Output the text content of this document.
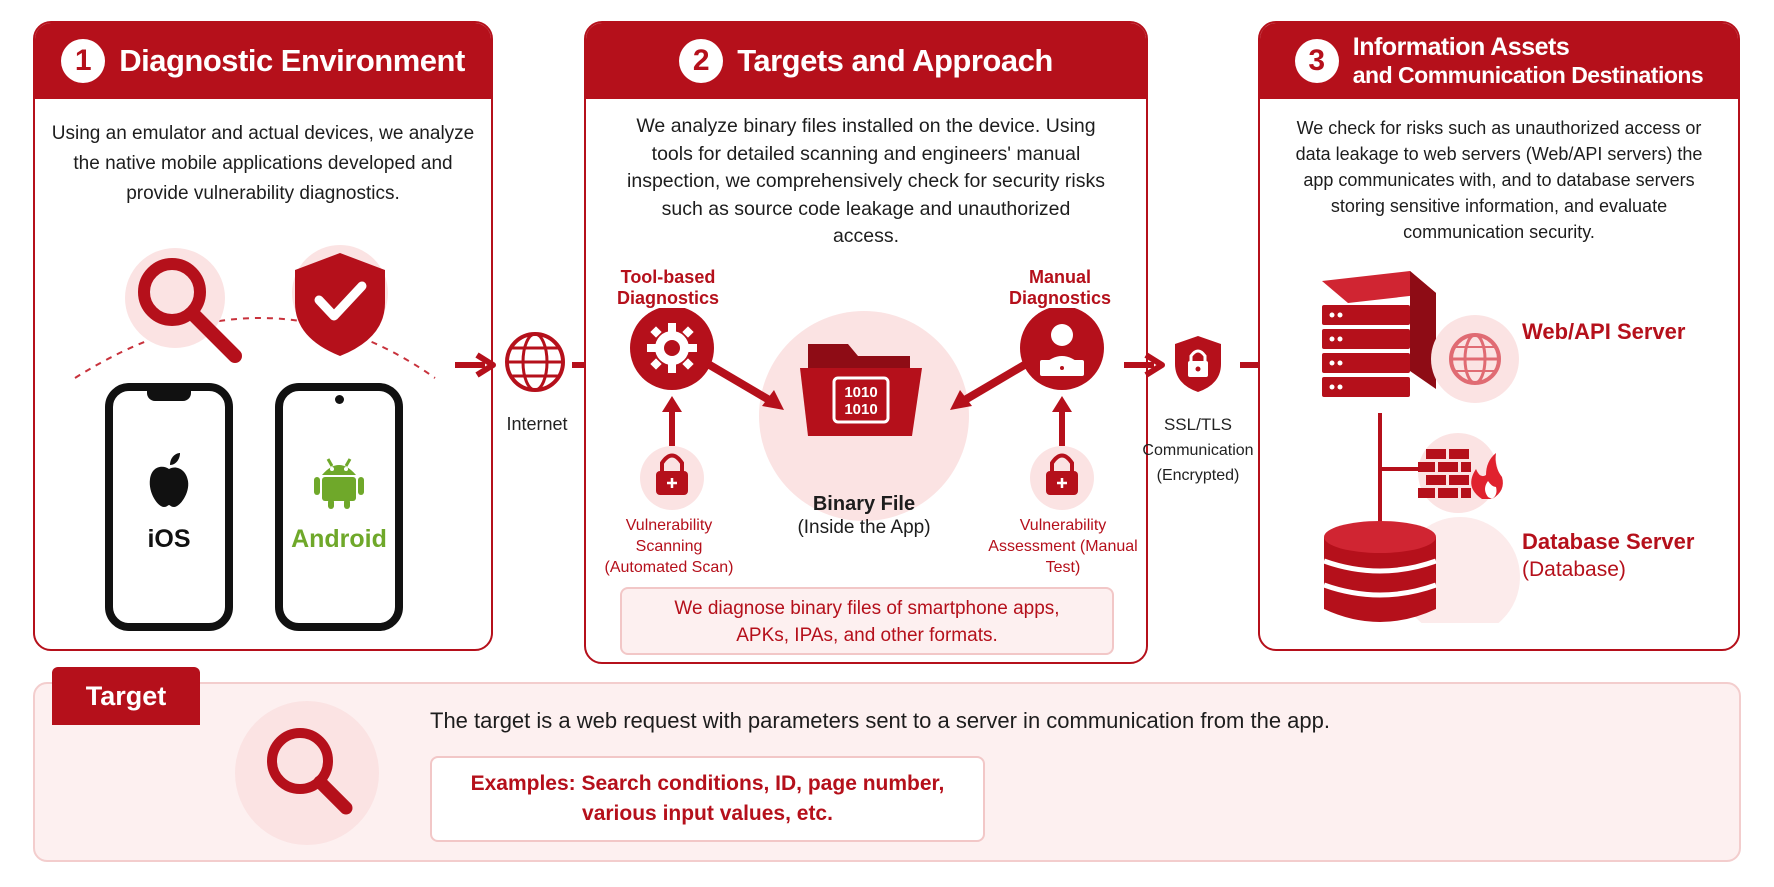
1 Diagnostic Environment
Using an emulator and actual devices, we analyze the native mobile applications developed and provide vulnerability diagnostics.
iOS	Android
Internet
2 Targets and Approach
We analyze binary files installed on the device. Using tools for detailed scanning and engineers' manual inspection, we comprehensively check for security risks such as source code leakage and unauthorized access.
Tool-based Diagnostics
Manual Diagnostics
1010
1010
Binary File
(Inside the App)
Vulnerability Scanning (Automated Scan)
Vulnerability Assessment (Manual Test)
We diagnose binary files of smartphone apps, APKs, IPAs, and other formats.
SSL/TLS
Communication
(Encrypted)
3	Information Assets
and Communication Destinations
We check for risks such as unauthorized access or data leakage to web servers (Web/API servers) the app communicates with, and to database servers storing sensitive information, and evaluate communication security.
Web/API Server
Database Server
(Database)
Target
The target is a web request with parameters sent to a server in communication from the app.
Examples: Search conditions, ID, page number, various input values, etc.
